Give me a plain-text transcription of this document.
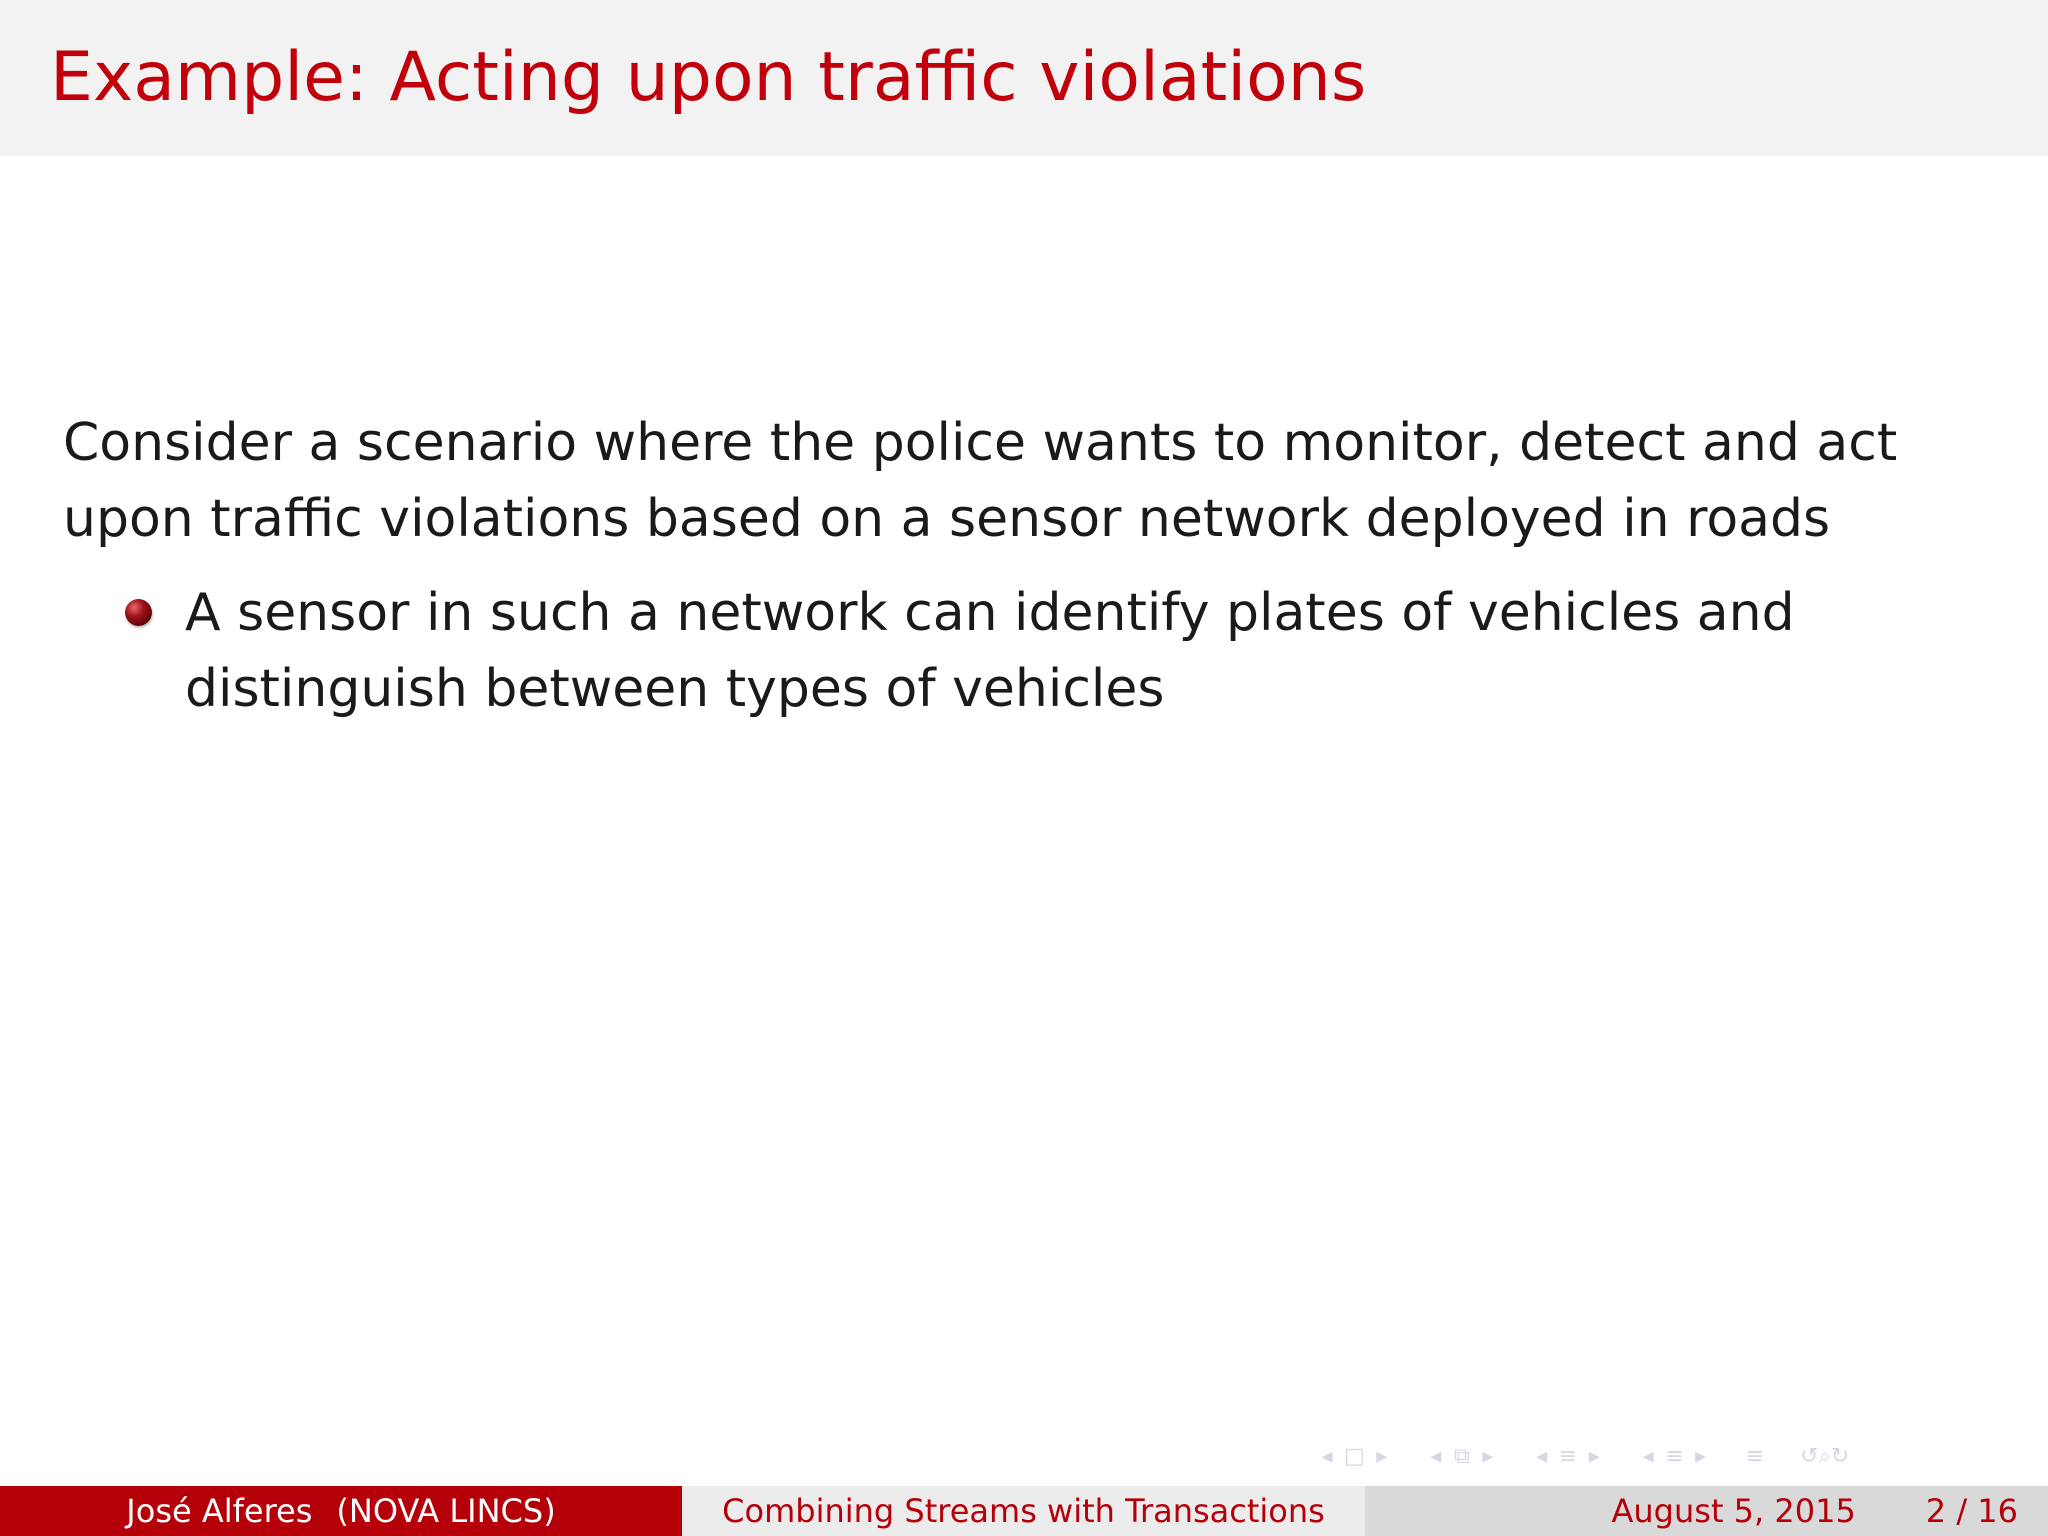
Example: Acting upon traffic violations

Consider a scenario where the police wants to monitor, detect and act upon traffic violations based on a sensor network deployed in roads

A sensor in such a network can identify plates of vehicles and distinguish between types of vehicles
◂ □ ▸ ◂ ⧉ ▸ ◂ ≡ ▸ ◂ ≡ ▸ ≡ ↺⌕↻
José Alferes (NOVA LINCS)	Combining Streams with Transactions	August 5, 2015 2 / 16
